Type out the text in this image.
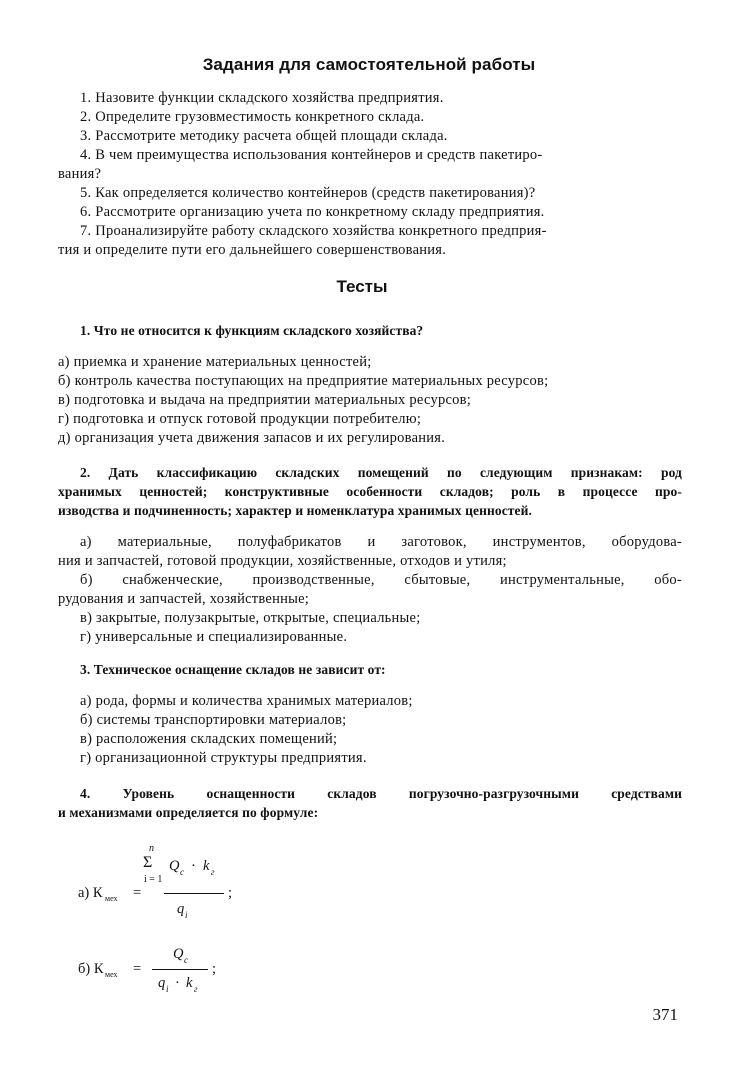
Задания для самостоятельной работы
1. Назовите функции складского хозяйства предприятия.
2. Определите грузовместимость конкретного склада.
3. Рассмотрите методику расчета общей площади склада.
4. В чем преимущества использования контейнеров и средств пакетиро-
вания?
5. Как определяется количество контейнеров (средств пакетирования)?
6. Рассмотрите организацию учета по конкретному складу предприятия.
7. Проанализируйте работу складского хозяйства конкретного предприя-
тия и определите пути его дальнейшего совершенствования.
Тесты
1. Что не относится к функциям складского хозяйства?
а) приемка и хранение материальных ценностей;
б) контроль качества поступающих на предприятие материальных ресурсов;
в) подготовка и выдача на предприятии материальных ресурсов;
г) подготовка и отпуск готовой продукции потребителю;
д) организация учета движения запасов и их регулирования.
2. Дать классификацию складских помещений по следующим признакам: род
хранимых ценностей; конструктивные особенности складов; роль в процессе про-
изводства и подчиненность; характер и номенклатура хранимых ценностей.
а) материальные, полуфабрикатов и заготовок, инструментов, оборудова-
ния и запчастей, готовой продукции, хозяйственные, отходов и утиля;
б) снабженческие, производственные, сбытовые, инструментальные, обо-
рудования и запчастей, хозяйственные;
в) закрытые, полузакрытые, открытые, специальные;
г) универсальные и специализированные.
3. Техническое оснащение складов не зависит от:
а) рода, формы и количества хранимых материалов;
б) системы транспортировки материалов;
в) расположения складских помещений;
г) организационной структуры предприятия.
4. Уровень оснащенности складов погрузочно-разгрузочными средствами
и механизмами определяется по формуле:
а) К мех =
n
Σ
i = 1
Q c · k г
q i
;
б) К мех =
Q c
q i · k г
;
371
